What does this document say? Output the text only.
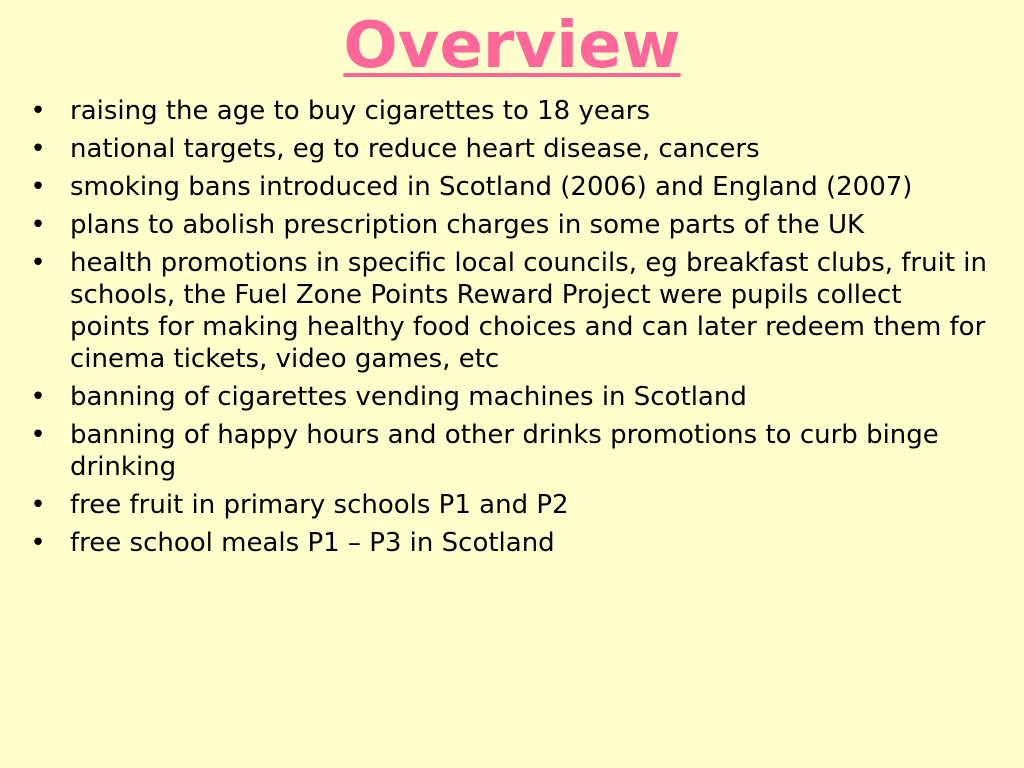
Overview
• raising the age to buy cigarettes to 18 years
• national targets, eg to reduce heart disease, cancers
• smoking bans introduced in Scotland (2006) and England (2007)
• plans to abolish prescription charges in some parts of the UK
• health promotions in specific local councils, eg breakfast clubs, fruit in schools, the Fuel Zone Points Reward Project were pupils collect points for making healthy food choices and can later redeem them for cinema tickets, video games, etc
• banning of cigarettes vending machines in Scotland
• banning of happy hours and other drinks promotions to curb binge drinking
• free fruit in primary schools P1 and P2
• free school meals P1 – P3 in Scotland
